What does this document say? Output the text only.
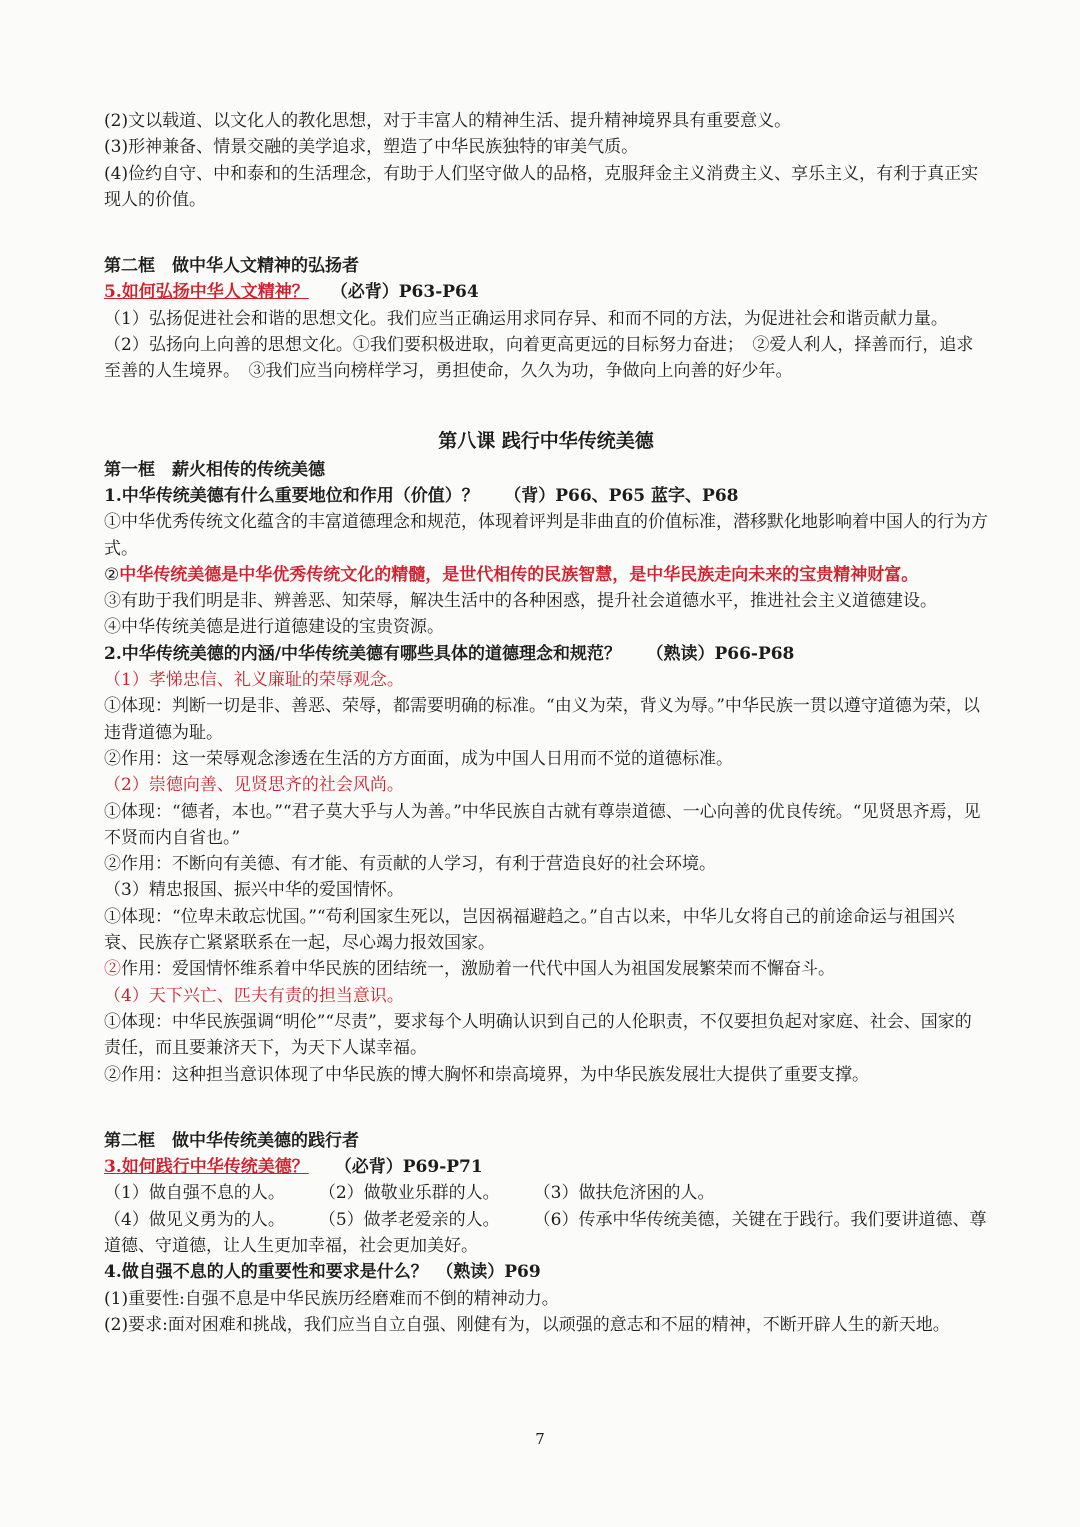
(2)文以载道、以文化人的教化思想，对于丰富人的精神生活、提升精神境界具有重要意义。

(3)形神兼备、情景交融的美学追求，塑造了中华民族独特的审美气质。

(4)俭约自守、中和泰和的生活理念，有助于人们坚守做人的品格，克服拜金主义消费主义、享乐主义，有利于真正实现人的价值。

第二框　做中华人文精神的弘扬者

5.如何弘扬中华人文精神？ （必背）P63-P64

（1）弘扬促进社会和谐的思想文化。我们应当正确运用求同存异、和而不同的方法，为促进社会和谐贡献力量。

（2）弘扬向上向善的思想文化。①我们要积极进取，向着更高更远的目标努力奋进；　②爱人利人，择善而行，追求至善的人生境界。　③我们应当向榜样学习，勇担使命，久久为功，争做向上向善的好少年。

第八课 践行中华传统美德

第一框　薪火相传的传统美德

1.中华传统美德有什么重要地位和作用（价值）？　　（背）P66、P65 蓝字、P68

①中华优秀传统文化蕴含的丰富道德理念和规范，体现着评判是非曲直的价值标准，潜移默化地影响着中国人的行为方式。

②中华传统美德是中华优秀传统文化的精髓，是世代相传的民族智慧，是中华民族走向未来的宝贵精神财富。

③有助于我们明是非、辨善恶、知荣辱，解决生活中的各种困惑，提升社会道德水平，推进社会主义道德建设。

④中华传统美德是进行道德建设的宝贵资源。

2.中华传统美德的内涵/中华传统美德有哪些具体的道德理念和规范？　　（熟读）P66-P68

（1）孝悌忠信、礼义廉耻的荣辱观念。

①体现：判断一切是非、善恶、荣辱，都需要明确的标准。“由义为荣，背义为辱。”中华民族一贯以遵守道德为荣，以违背道德为耻。

②作用：这一荣辱观念渗透在生活的方方面面，成为中国人日用而不觉的道德标准。

（2）崇德向善、见贤思齐的社会风尚。

①体现：“德者，本也。”“君子莫大乎与人为善。”中华民族自古就有尊崇道德、一心向善的优良传统。“见贤思齐焉，见不贤而内自省也。”

②作用：不断向有美德、有才能、有贡献的人学习，有利于营造良好的社会环境。

（3）精忠报国、振兴中华的爱国情怀。

①体现：“位卑未敢忘忧国。”“苟利国家生死以，岂因祸福避趋之。”自古以来，中华儿女将自己的前途命运与祖国兴衰、民族存亡紧紧联系在一起，尽心竭力报效国家。

②作用：爱国情怀维系着中华民族的团结统一，激励着一代代中国人为祖国发展繁荣而不懈奋斗。

（4）天下兴亡、匹夫有责的担当意识。

①体现：中华民族强调“明伦”“尽责”，要求每个人明确认识到自己的人伦职责，不仅要担负起对家庭、社会、国家的责任，而且要兼济天下，为天下人谋幸福。

②作用：这种担当意识体现了中华民族的博大胸怀和崇高境界，为中华民族发展壮大提供了重要支撑。

第二框　做中华传统美德的践行者

3.如何践行中华传统美德？ （必背）P69-P71

（1）做自强不息的人。 （2）做敬业乐群的人。 （3）做扶危济困的人。

（4）做见义勇为的人。 （5）做孝老爱亲的人。 （6）传承中华传统美德，关键在于践行。我们要讲道德、尊道德、守道德，让人生更加幸福，社会更加美好。

4.做自强不息的人的重要性和要求是什么？　（熟读）P69

(1)重要性:自强不息是中华民族历经磨难而不倒的精神动力。

(2)要求:面对困难和挑战，我们应当自立自强、刚健有为，以顽强的意志和不屈的精神，不断开辟人生的新天地。

7
